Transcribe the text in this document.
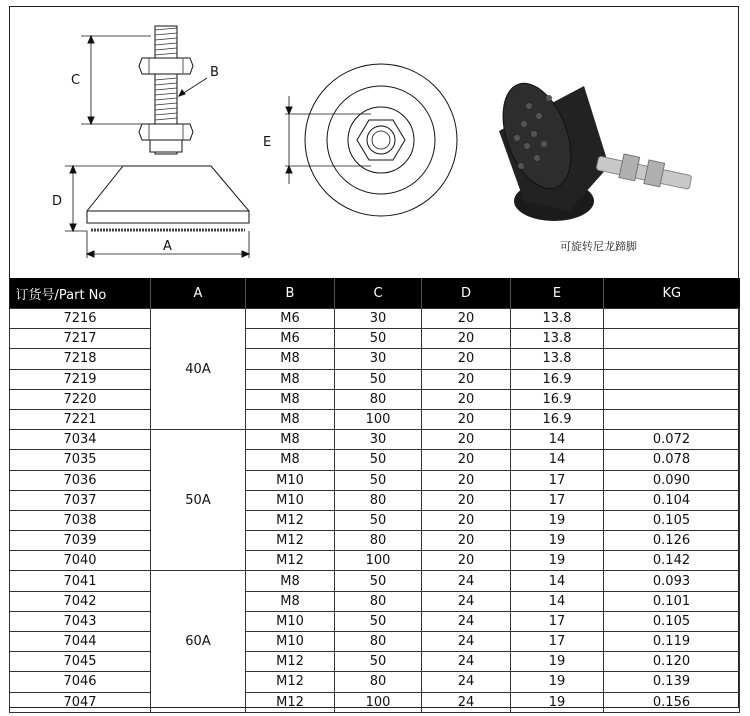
C
B
D
A
E
可旋转尼龙蹄脚
订货号/Part No	A	B	C	D	E	KG
7216	40A	M6	30	20	13.8	
7217		M6	50	20	13.8	
7218		M8	30	20	13.8	
7219		M8	50	20	16.9	
7220		M8	80	20	16.9	
7221		M8	100	20	16.9	
7034	50A	M8	30	20	14	0.072
7035		M8	50	20	14	0.078
7036		M10	50	20	17	0.090
7037		M10	80	20	17	0.104
7038		M12	50	20	19	0.105
7039		M12	80	20	19	0.126
7040		M12	100	20	19	0.142
7041	60A	M8	50	24	14	0.093
7042		M8	80	24	14	0.101
7043		M10	50	24	17	0.105
7044		M10	80	24	17	0.119
7045		M12	50	24	19	0.120
7046		M12	80	24	19	0.139
7047		M12	100	24	19	0.156
